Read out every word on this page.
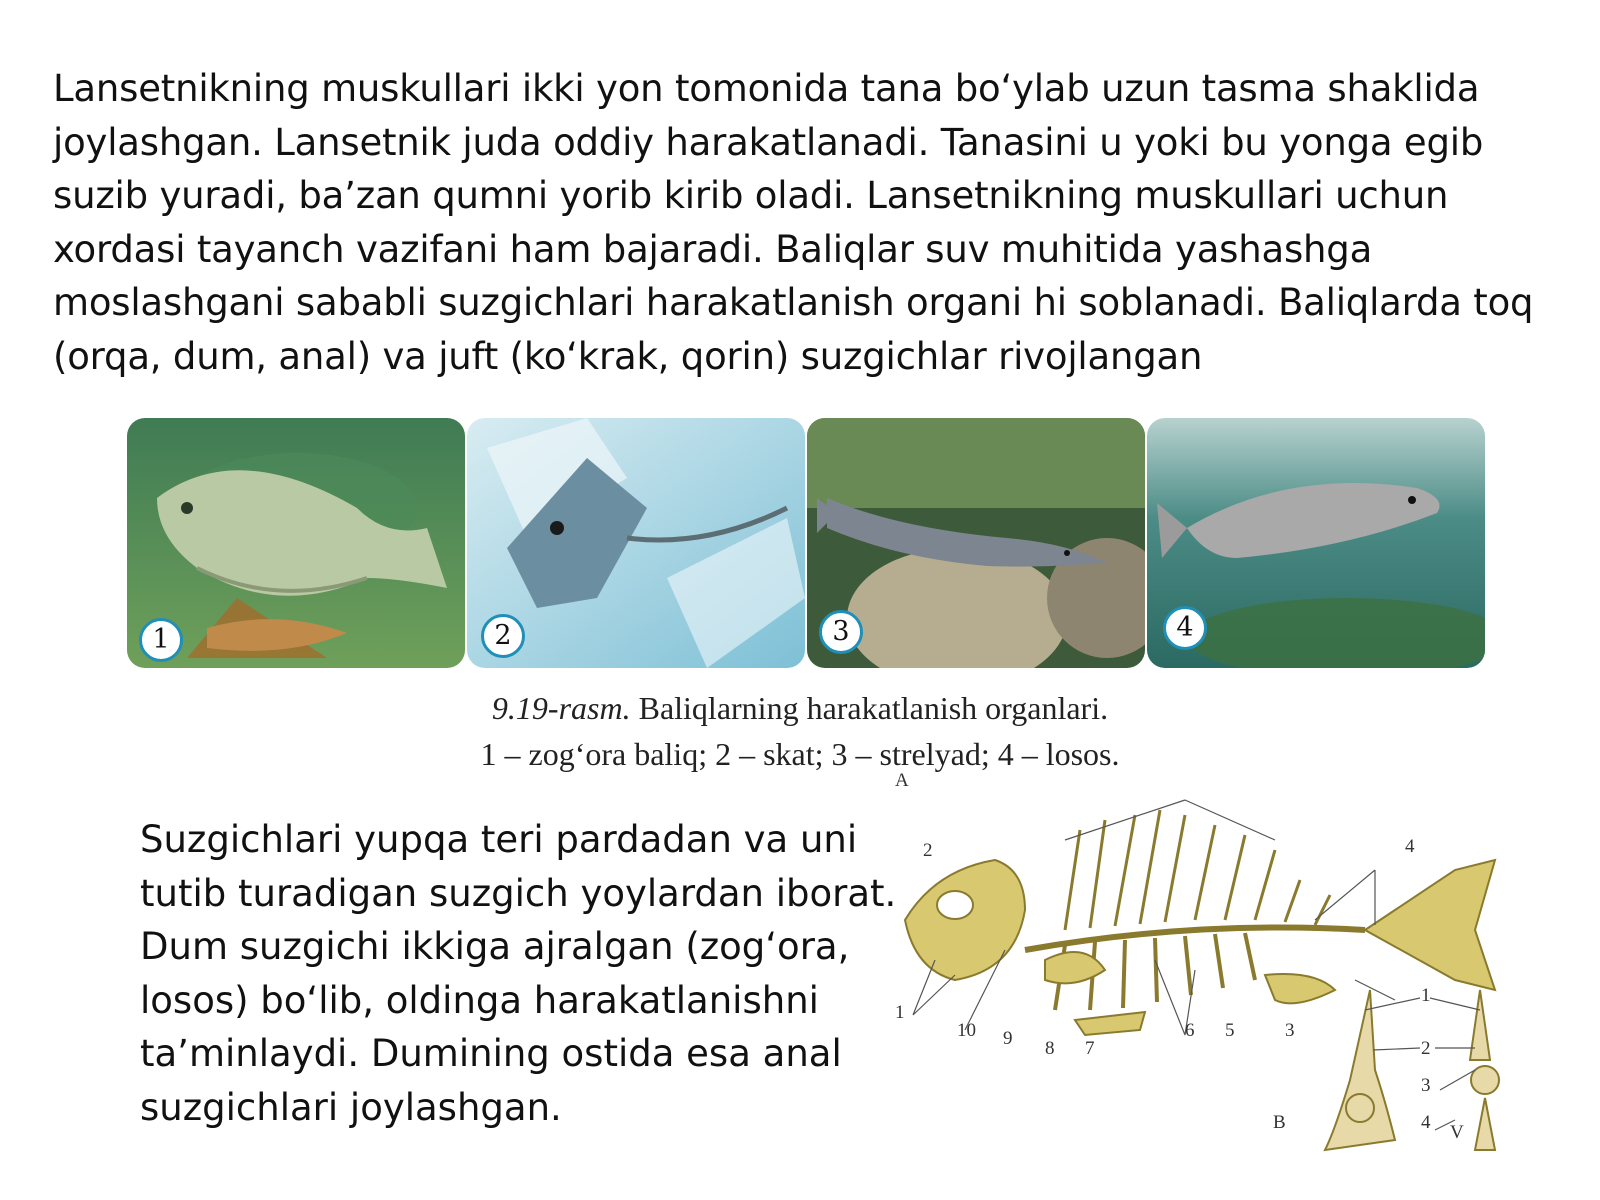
Lansetnikning muskullari ikki yon tomonida tana bo‘ylab uzun tasma shaklida
joylashgan. Lansetnik juda oddiy harakatlanadi. Tanasini u yoki bu yonga egib
suzib yuradi, ba’zan qumni yorib kirib oladi. Lansetnikning muskullari uchun
xordasi tayanch vazifani ham bajaradi. Baliqlar suv muhitida yashashga
moslashgani sababli suzgichlari harakatlanish organi hi soblanadi. Baliqlarda toq
(orqa, dum, anal) va juft (ko‘krak, qorin) suzgichlar rivojlangan

1	2	3	4
9.19-rasm. Baliqlarning harakatlanish organlari.
1 – zog‘ora baliq; 2 – skat; 3 – strelyad; 4 – losos.
Suzgichlari yupqa teri pardadan va uni
tutib turadigan suzgich yoylardan iborat.
Dum suzgichi ikkiga ajralgan (zog‘ora,
losos) bo‘lib, oldinga harakatlanishni
ta’minlaydi. Dumining ostida esa anal
suzgichlari joylashgan.
A
2	4
1
10 9 8 7
6 5	3
1
2
3
4
B	V
